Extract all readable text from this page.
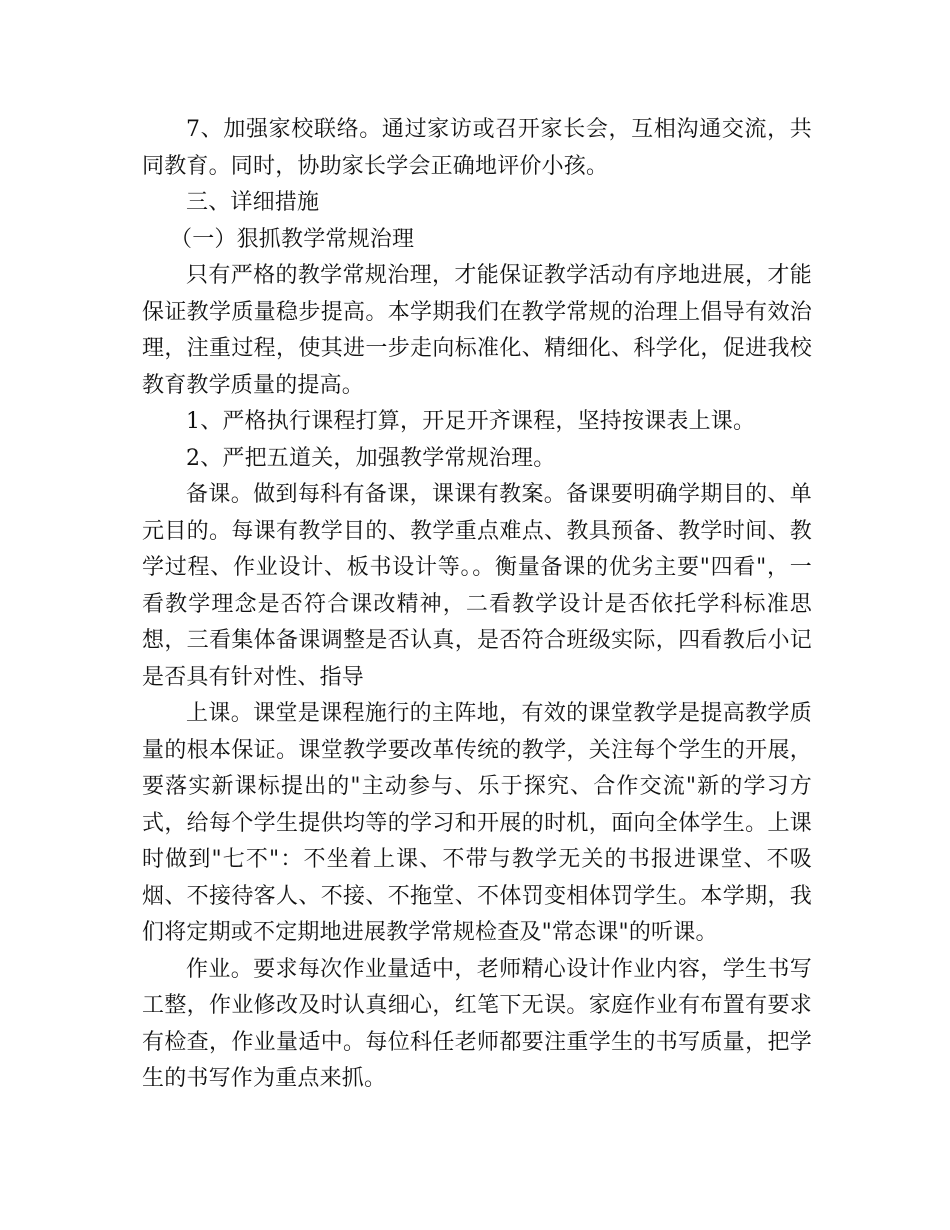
7、加强家校联络。通过家访或召开家长会，互相沟通交流，共同教育。同时，协助家长学会正确地评价小孩。

三、详细措施

（一）狠抓教学常规治理

只有严格的教学常规治理，才能保证教学活动有序地进展，才能保证教学质量稳步提高。本学期我们在教学常规的治理上倡导有效治理，注重过程，使其进一步走向标准化、精细化、科学化，促进我校教育教学质量的提高。

1、严格执行课程打算，开足开齐课程，坚持按课表上课。

2、严把五道关，加强教学常规治理。

备课。做到每科有备课，课课有教案。备课要明确学期目的、单元目的。每课有教学目的、教学重点难点、教具预备、教学时间、教学过程、作业设计、板书设计等。。衡量备课的优劣主要"四看"，一看教学理念是否符合课改精神，二看教学设计是否依托学科标准思想，三看集体备课调整是否认真，是否符合班级实际，四看教后小记是否具有针对性、指导

上课。课堂是课程施行的主阵地，有效的课堂教学是提高教学质量的根本保证。课堂教学要改革传统的教学，关注每个学生的开展，要落实新课标提出的"主动参与、乐于探究、合作交流"新的学习方式，给每个学生提供均等的学习和开展的时机，面向全体学生。上课时做到"七不"：不坐着上课、不带与教学无关的书报进课堂、不吸烟、不接待客人、不接、不拖堂、不体罚变相体罚学生。本学期，我们将定期或不定期地进展教学常规检查及"常态课"的听课。

作业。要求每次作业量适中，老师精心设计作业内容，学生书写工整，作业修改及时认真细心，红笔下无误。家庭作业有布置有要求有检查，作业量适中。每位科任老师都要注重学生的书写质量，把学生的书写作为重点来抓。
